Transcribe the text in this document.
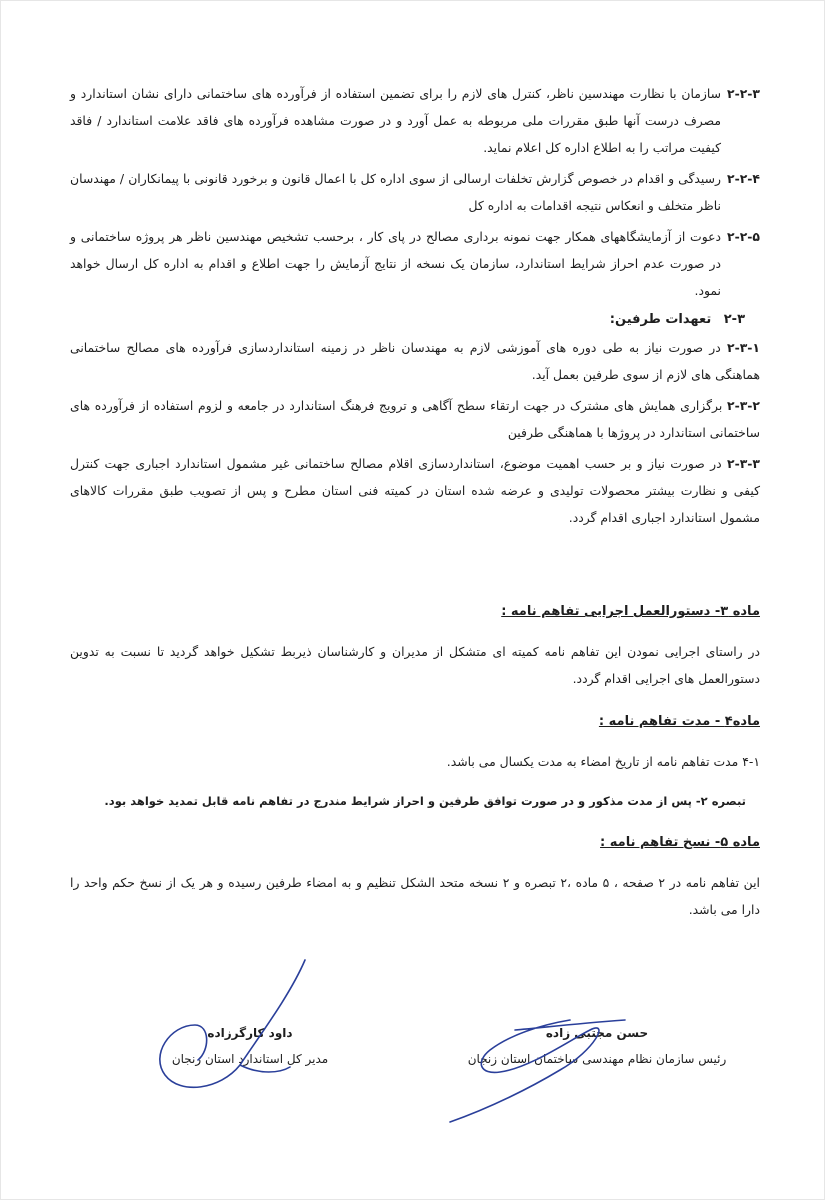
۲-۲-۳
سازمان با نظارت مهندسین ناظر، کنترل های لازم را برای تضمین استفاده از فرآورده های ساختمانی دارای نشان استاندارد و مصرف درست آنها طبق مقررات ملی مربوطه به عمل آورد و در صورت مشاهده فرآورده های فاقد علامت استاندارد / فاقد کیفیت مراتب را به اطلاع اداره کل اعلام نماید.
۲-۲-۴
رسیدگی و اقدام در خصوص گزارش تخلفات ارسالی از سوی اداره کل با اعمال قانون و برخورد قانونی با پیمانکاران / مهندسان ناظر متخلف و انعکاس نتیجه اقدامات به اداره کل
۲-۲-۵
دعوت از آزمایشگاههای همکار جهت نمونه برداری مصالح در پای کار ، برحسب تشخیص مهندسین ناظر هر پروژه ساختمانی و در صورت عدم احراز شرایط استاندارد، سازمان یک نسخه از نتایج آزمایش را جهت اطلاع و اقدام به اداره کل ارسال خواهد نمود.
۲-۳ تعهدات طرفین:

۲-۳-۱ در صورت نیاز به طی دوره های آموزشی لازم به مهندسان ناظر در زمینه استانداردسازی فرآورده های مصالح ساختمانی هماهنگی های لازم از سوی طرفین بعمل آید.

۲-۳-۲ برگزاری همایش های مشترک در جهت ارتقاء سطح آگاهی و ترویج فرهنگ استاندارد در جامعه و لزوم استفاده از فرآورده های ساختمانی استاندارد در پروژها با هماهنگی طرفین

۲-۳-۳ در صورت نیاز و بر حسب اهمیت موضوع، استانداردسازی اقلام مصالح ساختمانی غیر مشمول استاندارد اجباری جهت کنترل کیفی و نظارت بیشتر محصولات تولیدی و عرضه شده استان در کمیته فنی استان مطرح و پس از تصویب طبق مقررات کالاهای مشمول استاندارد اجباری اقدام گردد.

ماده ۳- دستورالعمل اجرایی تفاهم نامه :

در راستای اجرایی نمودن این تفاهم نامه کمیته ای متشکل از مدیران و کارشناسان ذیربط تشکیل خواهد گردید تا نسبت به تدوین دستورالعمل های اجرایی اقدام گردد.

ماده۴ - مدت تفاهم نامه :

۴-۱ مدت تفاهم نامه از تاریخ امضاء به مدت یکسال می باشد.

تبصره ۲- پس از مدت مذکور و در صورت توافق طرفین و احراز شرایط مندرج در تفاهم نامه قابل تمدید خواهد بود.

ماده ۵- نسخ تفاهم نامه :

این تفاهم نامه در ۲ صفحه ، ۵ ماده ،۲ تبصره و ۲ نسخه متحد الشکل تنظیم و به امضاء طرفین رسیده و هر یک از نسخ حکم واحد را دارا می باشد.

حسن مجتبی زاده
رئیس سازمان نظام مهندسی ساختمان استان زنجان
داود کارگرزاده
مدیر کل استاندارد استان زنجان
